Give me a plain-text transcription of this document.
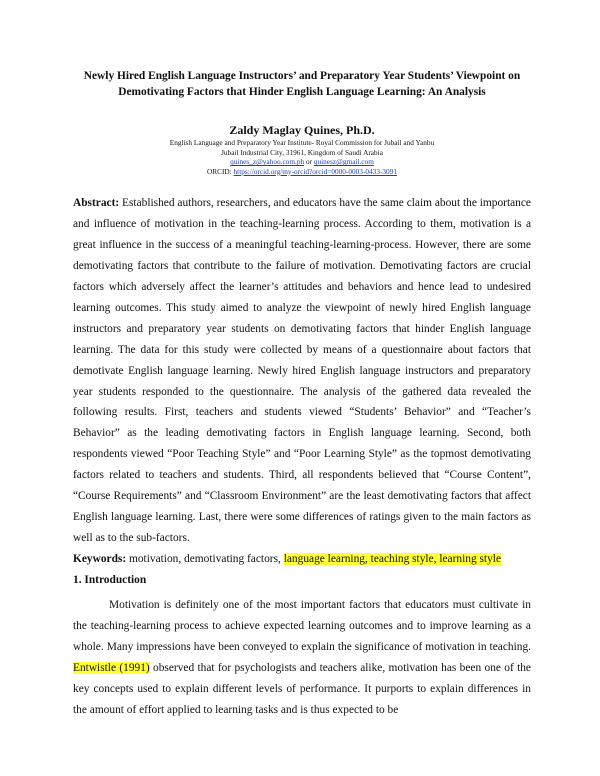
Newly Hired English Language Instructors’ and Preparatory Year Students’ Viewpoint on Demotivating Factors that Hinder English Language Learning: An Analysis
Zaldy Maglay Quines, Ph.D.
English Language and Preparatory Year Institute- Royal Commission for Jubail and Yanbu
Jubail Industrial City, 31961, Kingdom of Saudi Arabia
quines_z@yahoo.com.ph or quinesz@gmail.com
ORCID: https://orcid.org/my-orcid?orcid=0000-0003-0433-3091
Abstract: Established authors, researchers, and educators have the same claim about the importance and influence of motivation in the teaching-learning process. According to them, motivation is a great influence in the success of a meaningful teaching-learning-process. However, there are some demotivating factors that contribute to the failure of motivation. Demotivating factors are crucial factors which adversely affect the learner’s attitudes and behaviors and hence lead to undesired learning outcomes. This study aimed to analyze the viewpoint of newly hired English language instructors and preparatory year students on demotivating factors that hinder English language learning. The data for this study were collected by means of a questionnaire about factors that demotivate English language learning. Newly hired English language instructors and preparatory year students responded to the questionnaire. The analysis of the gathered data revealed the following results. First, teachers and students viewed “Students’ Behavior” and “Teacher’s Behavior” as the leading demotivating factors in English language learning. Second, both respondents viewed “Poor Teaching Style” and “Poor Learning Style” as the topmost demotivating factors related to teachers and students. Third, all respondents believed that “Course Content”, “Course Requirements” and “Classroom Environment” are the least demotivating factors that affect English language learning. Last, there were some differences of ratings given to the main factors as well as to the sub-factors.
Keywords: motivation, demotivating factors, language learning, teaching style, learning style
1. Introduction
Motivation is definitely one of the most important factors that educators must cultivate in the teaching-learning process to achieve expected learning outcomes and to improve learning as a whole. Many impressions have been conveyed to explain the significance of motivation in teaching. Entwistle (1991) observed that for psychologists and teachers alike, motivation has been one of the key concepts used to explain different levels of performance. It purports to explain differences in the amount of effort applied to learning tasks and is thus expected to be
